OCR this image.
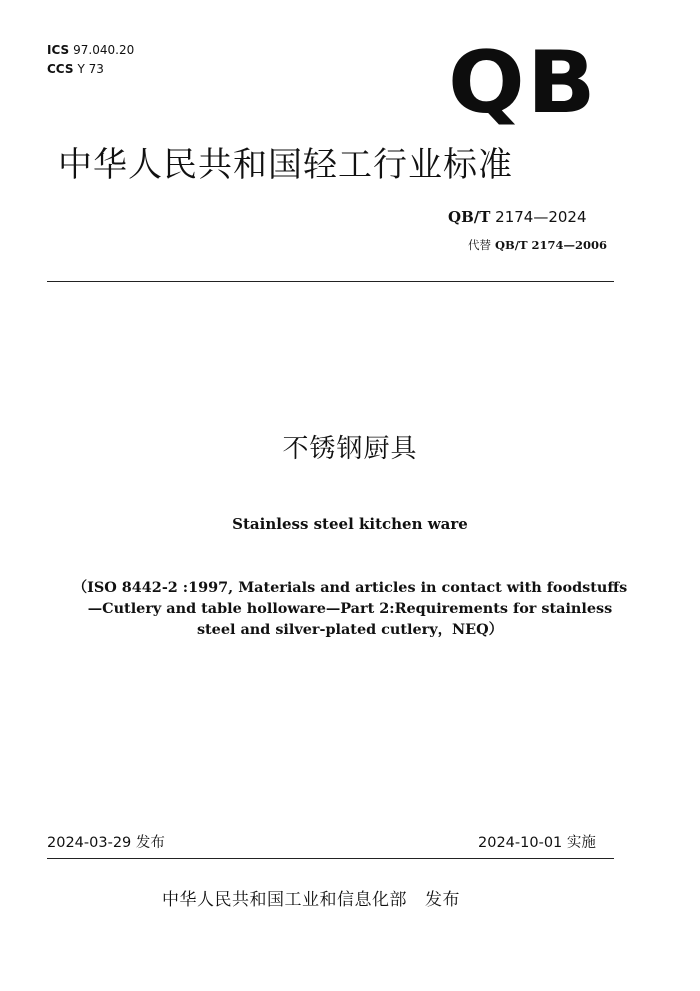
ICS 97.040.20
CCS Y 73	QB
中华人民共和国轻工行业标准
QB/T 2174—2024
代替 QB/T 2174—2006
不锈钢厨具
Stainless steel kitchen ware
（ISO 8442-2 :1997, Materials and articles in contact with foodstuffs
—Cutlery and table holloware—Part 2:Requirements for stainless
steel and silver-plated cutlery，NEQ）
2024-03-29 发布	2024-10-01 实施
中华人民共和国工业和信息化部 发布
